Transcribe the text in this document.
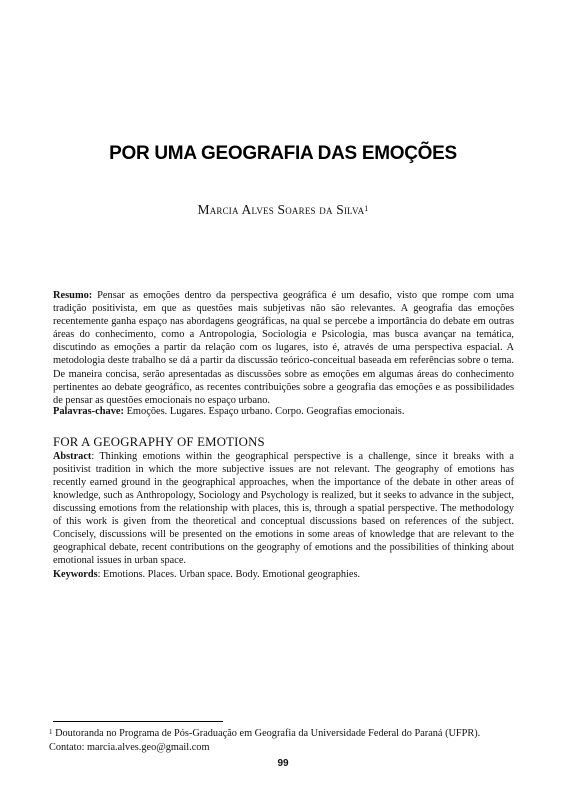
POR UMA GEOGRAFIA DAS EMOÇÕES
Marcia Alves Soares da Silva$^1$
Resumo: Pensar as emoções dentro da perspectiva geográfica é um desafio, visto que rompe com uma tradição positivista, em que as questões mais subjetivas não são relevantes. A geografia das emoções recentemente ganha espaço nas abordagens geográficas, na qual se percebe a importância do debate em outras áreas do conhecimento, como a Antropologia, Sociologia e Psicologia, mas busca avançar na temática, discutindo as emoções a partir da relação com os lugares, isto é, através de uma perspectiva espacial. A metodologia deste trabalho se dá a partir da discussão teórico-conceitual baseada em referências sobre o tema. De maneira concisa, serão apresentadas as discussões sobre as emoções em algumas áreas do conhecimento pertinentes ao debate geográfico, as recentes contribuições sobre a geografia das emoções e as possibilidades de pensar as questões emocionais no espaço urbano.
Palavras-chave: Emoções. Lugares. Espaço urbano. Corpo. Geografias emocionais.
FOR A GEOGRAPHY OF EMOTIONS
Abstract: Thinking emotions within the geographical perspective is a challenge, since it breaks with a positivist tradition in which the more subjective issues are not relevant. The geography of emotions has recently earned ground in the geographical approaches, when the importance of the debate in other areas of knowledge, such as Anthropology, Sociology and Psychology is realized, but it seeks to advance in the subject, discussing emotions from the relationship with places, this is, through a spatial perspective. The methodology of this work is given from the theoretical and conceptual discussions based on references of the subject. Concisely, discussions will be presented on the emotions in some areas of knowledge that are relevant to the geographical debate, recent contributions on the geography of emotions and the possibilities of thinking about emotional issues in urban space.
Keywords: Emotions. Places. Urban space. Body. Emotional geographies.
$^1$ Doutoranda no Programa de Pós-Graduação em Geografia da Universidade Federal do Paraná (UFPR).
Contato: marcia.alves.geo@gmail.com
99
